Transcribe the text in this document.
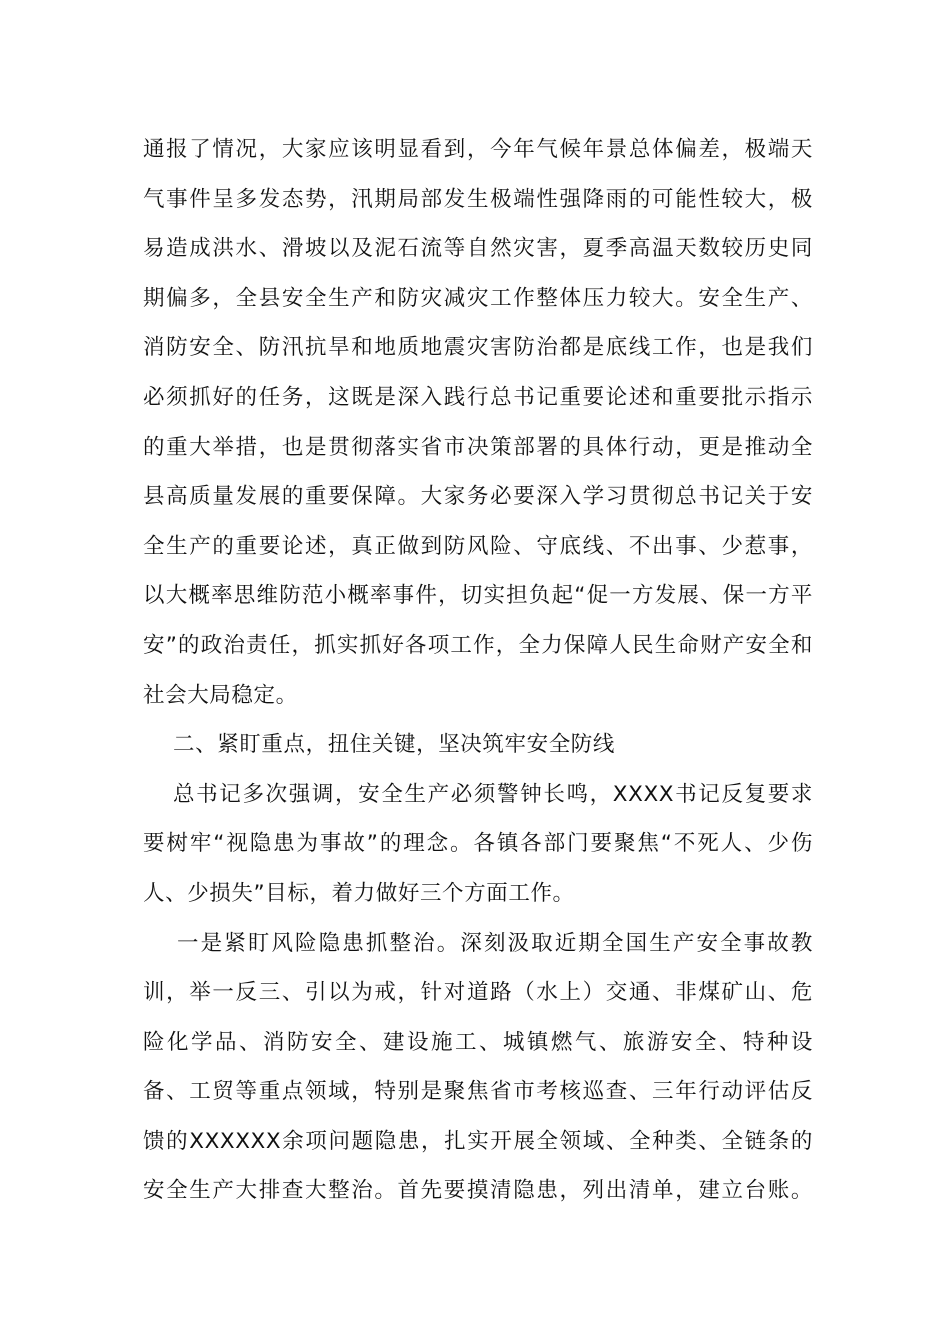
通报了情况，大家应该明显看到，今年气候年景总体偏差，极端天
气事件呈多发态势，汛期局部发生极端性强降雨的可能性较大，极
易造成洪水、滑坡以及泥石流等自然灾害，夏季高温天数较历史同
期偏多，全县安全生产和防灾减灾工作整体压力较大。安全生产、
消防安全、防汛抗旱和地质地震灾害防治都是底线工作，也是我们
必须抓好的任务，这既是深入践行总书记重要论述和重要批示指示
的重大举措，也是贯彻落实省市决策部署的具体行动，更是推动全
县高质量发展的重要保障。大家务必要深入学习贯彻总书记关于安
全生产的重要论述，真正做到防风险、守底线、不出事、少惹事，
以大概率思维防范小概率事件，切实担负起“促一方发展、保一方平
安”的政治责任，抓实抓好各项工作，全力保障人民生命财产安全和
社会大局稳定。

二、紧盯重点，扭住关键，坚决筑牢安全防线

总书记多次强调，安全生产必须警钟长鸣，XXXX书记反复要求
要树牢“视隐患为事故”的理念。各镇各部门要聚焦“不死人、少伤
人、少损失”目标，着力做好三个方面工作。

一是紧盯风险隐患抓整治。深刻汲取近期全国生产安全事故教
训，举一反三、引以为戒，针对道路（水上）交通、非煤矿山、危
险化学品、消防安全、建设施工、城镇燃气、旅游安全、特种设
备、工贸等重点领域，特别是聚焦省市考核巡查、三年行动评估反
馈的XXXXXX余项问题隐患，扎实开展全领域、全种类、全链条的
安全生产大排查大整治。首先要摸清隐患，列出清单，建立台账。
